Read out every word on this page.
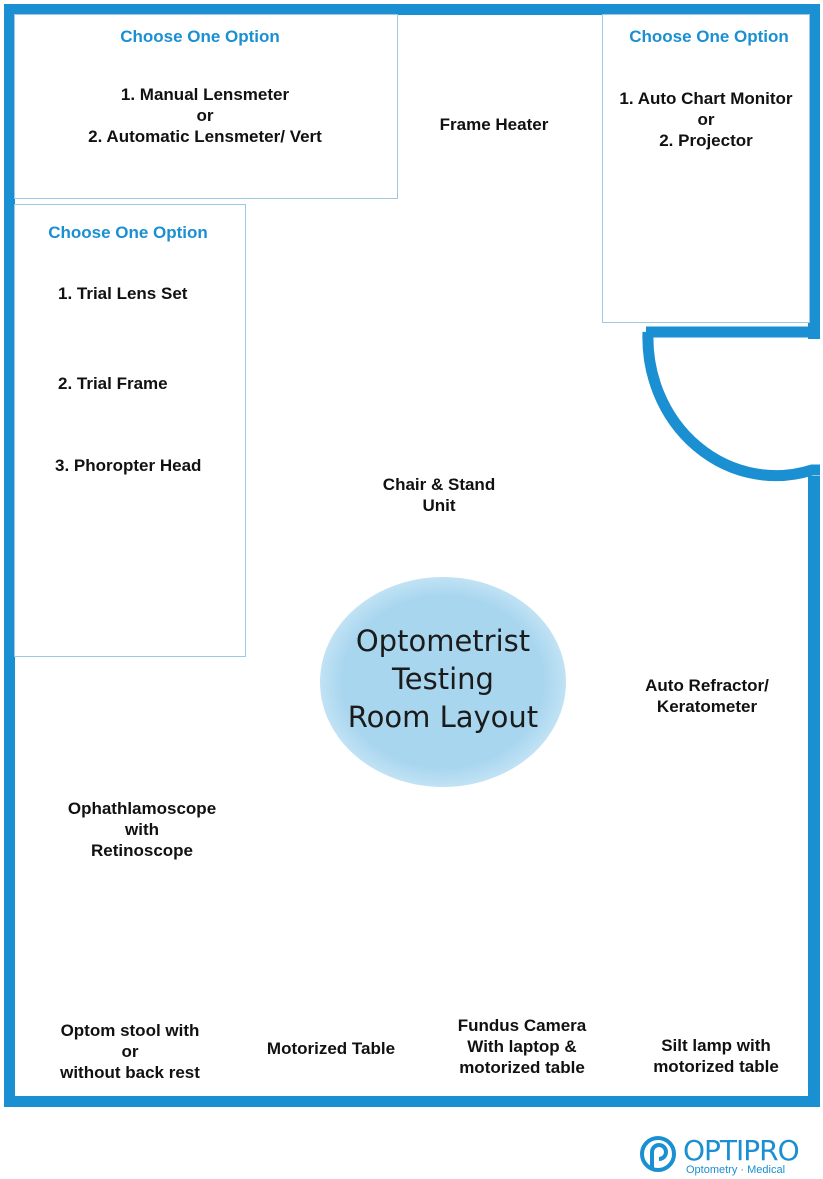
Choose One Option
1. Manual Lensmeter
or
2. Automatic Lensmeter/ Vert
Choose One Option
1. Auto Chart Monitor
or
2. Projector
Choose One Option
1. Trial Lens Set
2. Trial Frame
3. Phoropter Head
Frame Heater
Chair & Stand
Unit
Auto Refractor/
Keratometer
Ophathlamoscope
with
Retinoscope
Optom stool with
or
without back rest
Motorized Table
Fundus Camera
With laptop &
motorized table
Silt lamp with
motorized table
Optometrist
Testing
Room Layout
OPTIPRO
Optometry · Medical
